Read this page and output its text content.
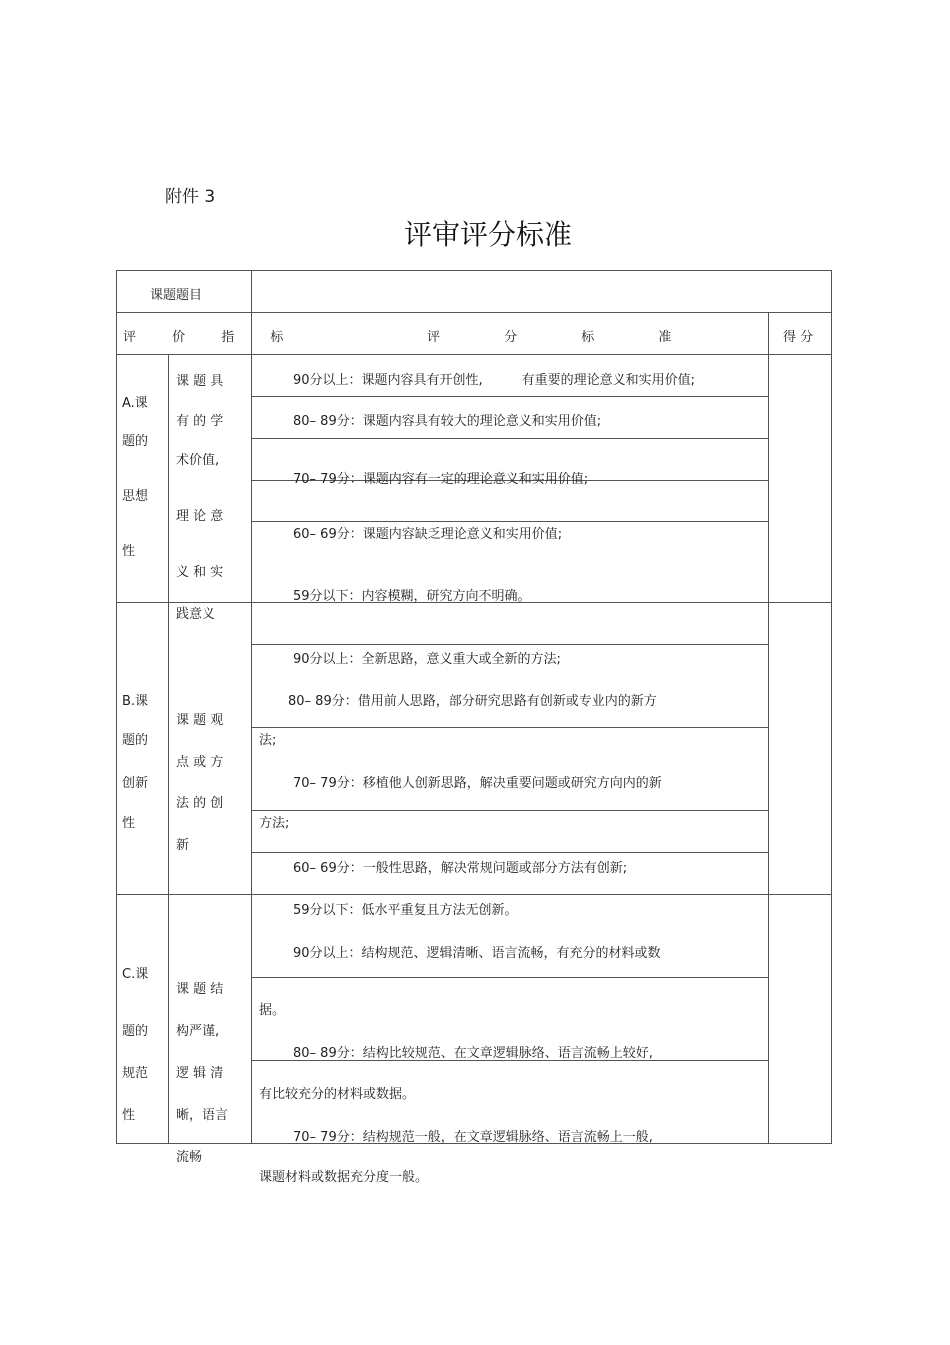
附件 3
评审评分标准
课题题目
评 价 指 标	评 分 标 准	得 分
A.课
题的
思想
性
课 题 具
有 的 学
术价值,
理 论 意
义 和 实
践意义
90分以上：课题内容具有开创性,　　　有重要的理论意义和实用价值;
80– 89分：课题内容具有较大的理论意义和实用价值;
70– 79分：课题内容有一定的理论意义和实用价值;
60– 69分：课题内容缺乏理论意义和实用价值;
59分以下：内容模糊，研究方向不明确。
B.课
题的
创新
性
课 题 观
点 或 方
法 的 创
新
90分以上：全新思路，意义重大或全新的方法;
80– 89分：借用前人思路，部分研究思路有创新或专业内的新方
法;
70– 79分：移植他人创新思路，解决重要问题或研究方向内的新
方法;
60– 69分：一般性思路，解决常规问题或部分方法有创新;
59分以下：低水平重复且方法无创新。
C.课
题的
规范
性
课 题 结
构严谨,
逻 辑 清
晰，语言
流畅
90分以上：结构规范、逻辑清晰、语言流畅，有充分的材料或数
据。
80– 89分：结构比较规范、在文章逻辑脉络、语言流畅上较好,
有比较充分的材料或数据。
70– 79分：结构规范一般，在文章逻辑脉络、语言流畅上一般,
课题材料或数据充分度一般。
